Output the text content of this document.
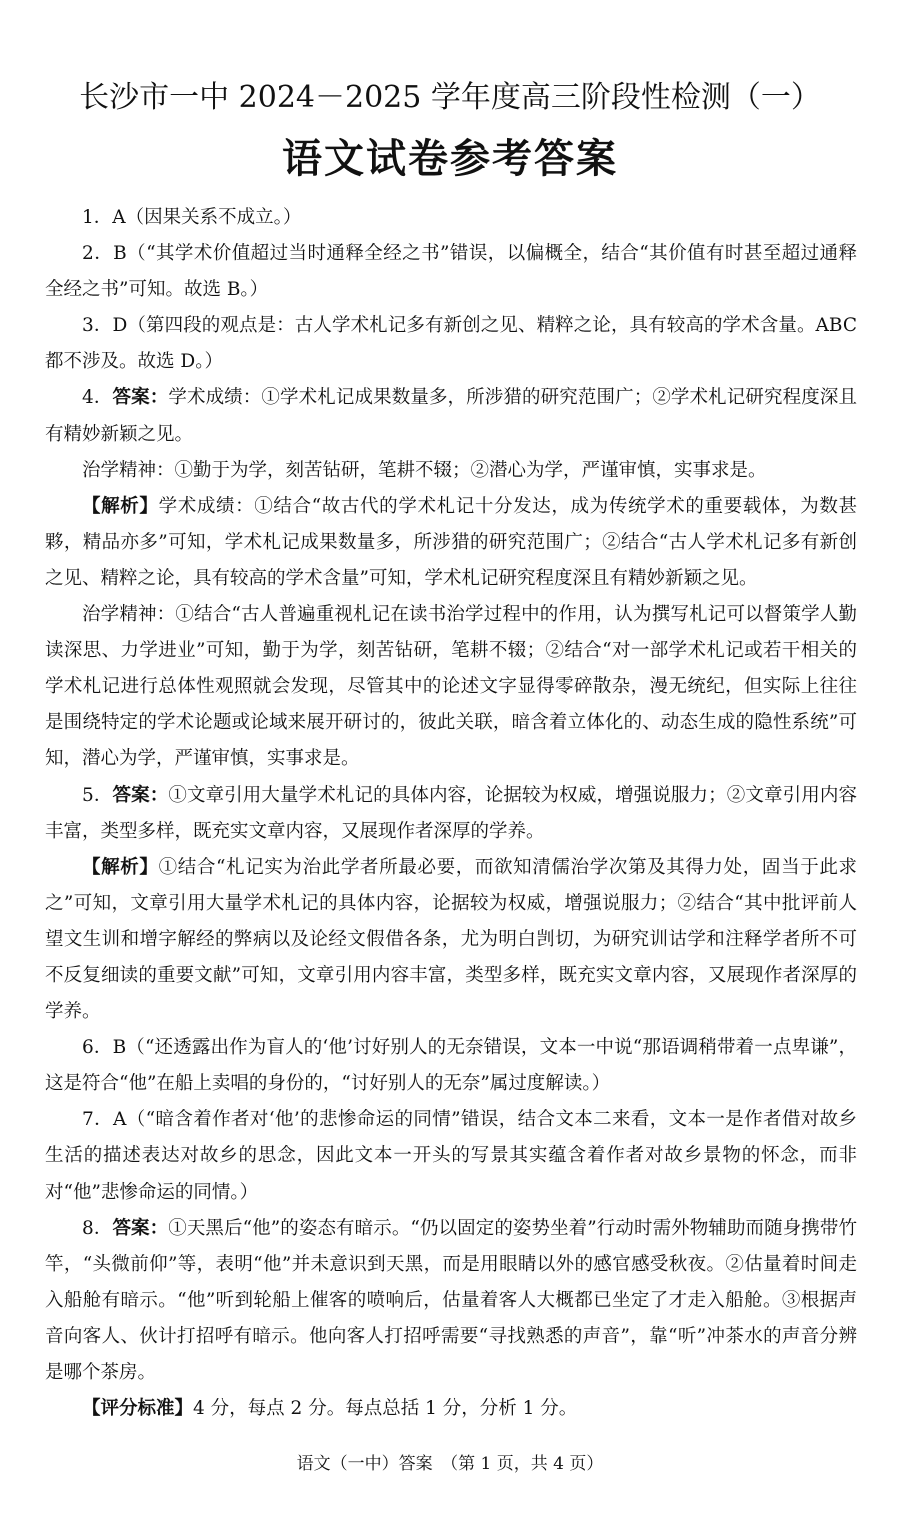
长沙市一中 2024－2025 学年度高三阶段性检测（一）
语文试卷参考答案

1．A（因果关系不成立。）

2．B（“其学术价值超过当时通释全经之书”错误，以偏概全，结合“其价值有时甚至超过通释全经之书”可知。故选 B。）

3．D（第四段的观点是：古人学术札记多有新创之见、精粹之论，具有较高的学术含量。ABC 都不涉及。故选 D。）

4．答案：学术成绩：①学术札记成果数量多，所涉猎的研究范围广；②学术札记研究程度深且有精妙新颖之见。

治学精神：①勤于为学，刻苦钻研，笔耕不辍；②潜心为学，严谨审慎，实事求是。

【解析】学术成绩：①结合“故古代的学术札记十分发达，成为传统学术的重要载体，为数甚夥，精品亦多”可知，学术札记成果数量多，所涉猎的研究范围广；②结合“古人学术札记多有新创之见、精粹之论，具有较高的学术含量”可知，学术札记研究程度深且有精妙新颖之见。

治学精神：①结合“古人普遍重视札记在读书治学过程中的作用，认为撰写札记可以督策学人勤读深思、力学进业”可知，勤于为学，刻苦钻研，笔耕不辍；②结合“对一部学术札记或若干相关的学术札记进行总体性观照就会发现，尽管其中的论述文字显得零碎散杂，漫无统纪，但实际上往往是围绕特定的学术论题或论域来展开研讨的，彼此关联，暗含着立体化的、动态生成的隐性系统”可知，潜心为学，严谨审慎，实事求是。

5．答案：①文章引用大量学术札记的具体内容，论据较为权威，增强说服力；②文章引用内容丰富，类型多样，既充实文章内容，又展现作者深厚的学养。

【解析】①结合“札记实为治此学者所最必要，而欲知清儒治学次第及其得力处，固当于此求之”可知，文章引用大量学术札记的具体内容，论据较为权威，增强说服力；②结合“其中批评前人望文生训和增字解经的弊病以及论经文假借各条，尤为明白剀切，为研究训诂学和注释学者所不可不反复细读的重要文献”可知，文章引用内容丰富，类型多样，既充实文章内容，又展现作者深厚的学养。

6．B（“还透露出作为盲人的‘他’讨好别人的无奈错误，文本一中说“那语调稍带着一点卑谦”，这是符合“他”在船上卖唱的身份的，“讨好别人的无奈”属过度解读。）

7．A（“暗含着作者对‘他’的悲惨命运的同情”错误，结合文本二来看，文本一是作者借对故乡生活的描述表达对故乡的思念，因此文本一开头的写景其实蕴含着作者对故乡景物的怀念，而非对“他”悲惨命运的同情。）

8．答案：①天黑后“他”的姿态有暗示。“仍以固定的姿势坐着”行动时需外物辅助而随身携带竹竿，“头微前仰”等，表明“他”并未意识到天黑，而是用眼睛以外的感官感受秋夜。②估量着时间走入船舱有暗示。“他”听到轮船上催客的喷响后，估量着客人大概都已坐定了才走入船舱。③根据声音向客人、伙计打招呼有暗示。他向客人打招呼需要“寻找熟悉的声音”，靠“听”冲茶水的声音分辨是哪个茶房。

【评分标准】4 分，每点 2 分。每点总括 1 分，分析 1 分。

语文（一中）答案　（第 1 页，共 4 页）
